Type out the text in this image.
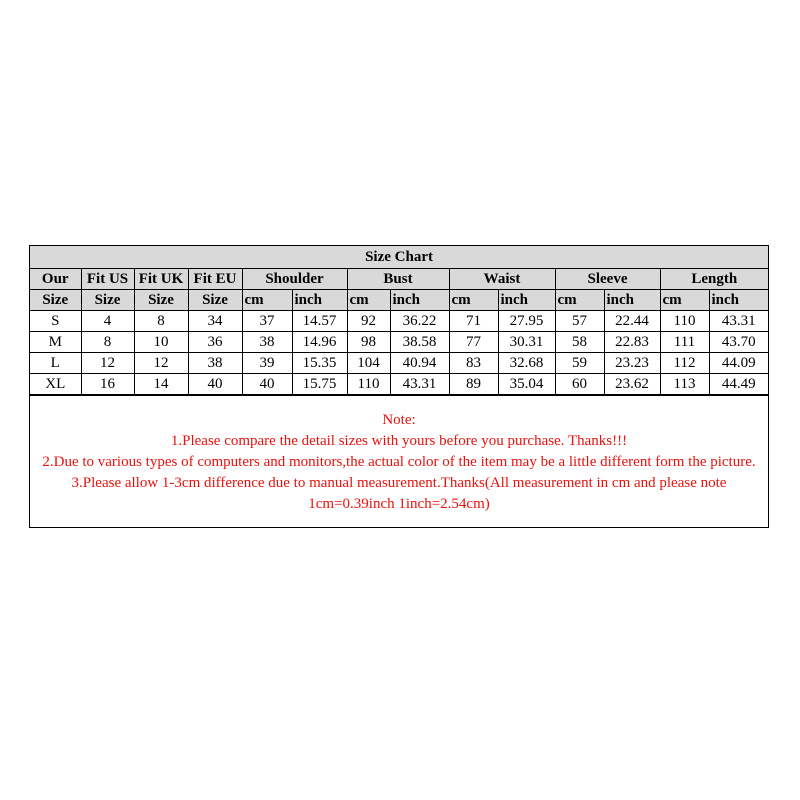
Size Chart													
Our	Fit US	Fit UK	Fit EU	Shoulder		Bust		Waist		Sleeve		Length	
Size	Size	Size	Size	cm	inch	cm	inch	cm	inch	cm	inch	cm	inch
S	4	8	34	37	14.57	92	36.22	71	27.95	57	22.44	110	43.31
M	8	10	36	38	14.96	98	38.58	77	30.31	58	22.83	111	43.70
L	12	12	38	39	15.35	104	40.94	83	32.68	59	23.23	112	44.09
XL	16	14	40	40	15.75	110	43.31	89	35.04	60	23.62	113	44.49
Note:
1.Please compare the detail sizes with yours before you purchase. Thanks!!!
2.Due to various types of computers and monitors,the actual color of the item may be a little different form the picture.
3.Please allow 1-3cm difference due to manual measurement.Thanks(All measurement in cm and please note 1cm=0.39inch 1inch=2.54cm)
